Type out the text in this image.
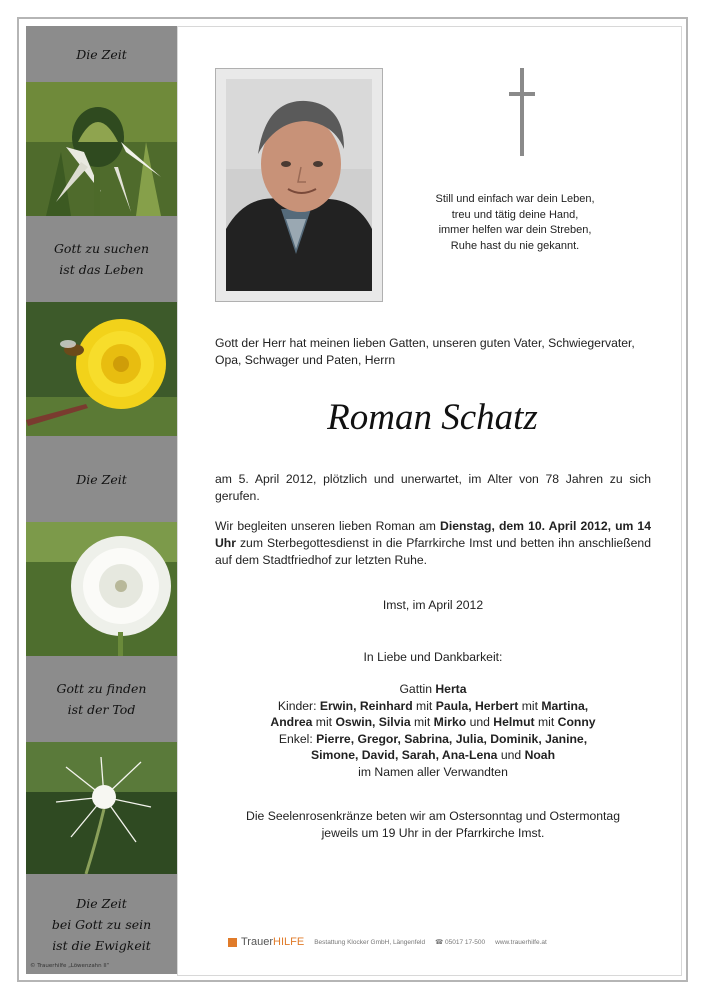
Die Zeit
Gott zu suchen
ist das Leben
Die Zeit
Gott zu finden
ist der Tod
Die Zeit
bei Gott zu sein
ist die Ewigkeit
© Trauerhilfe „Löwenzahn II“
Still und einfach war dein Leben,
treu und tätig deine Hand,
immer helfen war dein Streben,
Ruhe hast du nie gekannt.
Gott der Herr hat meinen lieben Gatten, unseren guten Vater, Schwiegervater, Opa, Schwager und Paten, Herrn
Roman Schatz
am 5. April 2012, plötzlich und unerwartet, im Alter von 78 Jahren zu sich gerufen.
Wir begleiten unseren lieben Roman am Dienstag, dem 10. April 2012, um 14 Uhr zum Sterbegottesdienst in die Pfarrkirche Imst und betten ihn anschließend auf dem Stadtfriedhof zur letzten Ruhe.
Imst, im April 2012
In Liebe und Dankbarkeit:
Gattin Herta
Kinder: Erwin, Reinhard mit Paula, Herbert mit Martina,
Andrea mit Oswin, Silvia mit Mirko und Helmut mit Conny
Enkel: Pierre, Gregor, Sabrina, Julia, Dominik, Janine,
Simone, David, Sarah, Ana-Lena und Noah
im Namen aller Verwandten
Die Seelenrosenkränze beten wir am Ostersonntag und Ostermontag
jeweils um 19 Uhr in der Pfarrkirche Imst.
TrauerHILFE Bestattung Klocker GmbH, Längenfeld ☎ 05017 17-500 www.trauerhilfe.at
